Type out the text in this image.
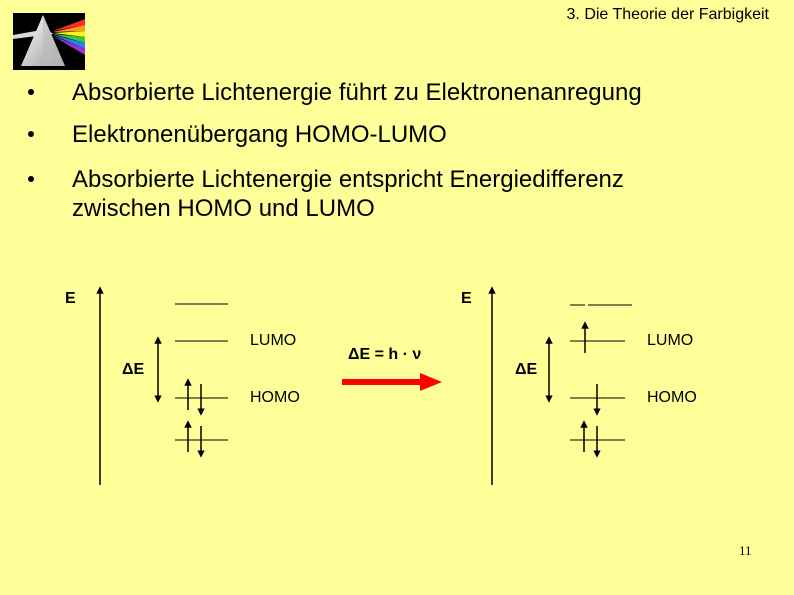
3. Die Theorie der Farbigkeit
Absorbierte Lichtenergie führt zu Elektronenanregung
Elektronenübergang HOMO-LUMO
Absorbierte Lichtenergie entspricht Energiedifferenz
zwischen HOMO und LUMO
E
LUMO
HOMO
ΔE
ΔE = h · ν
E
LUMO
HOMO
ΔE
11
